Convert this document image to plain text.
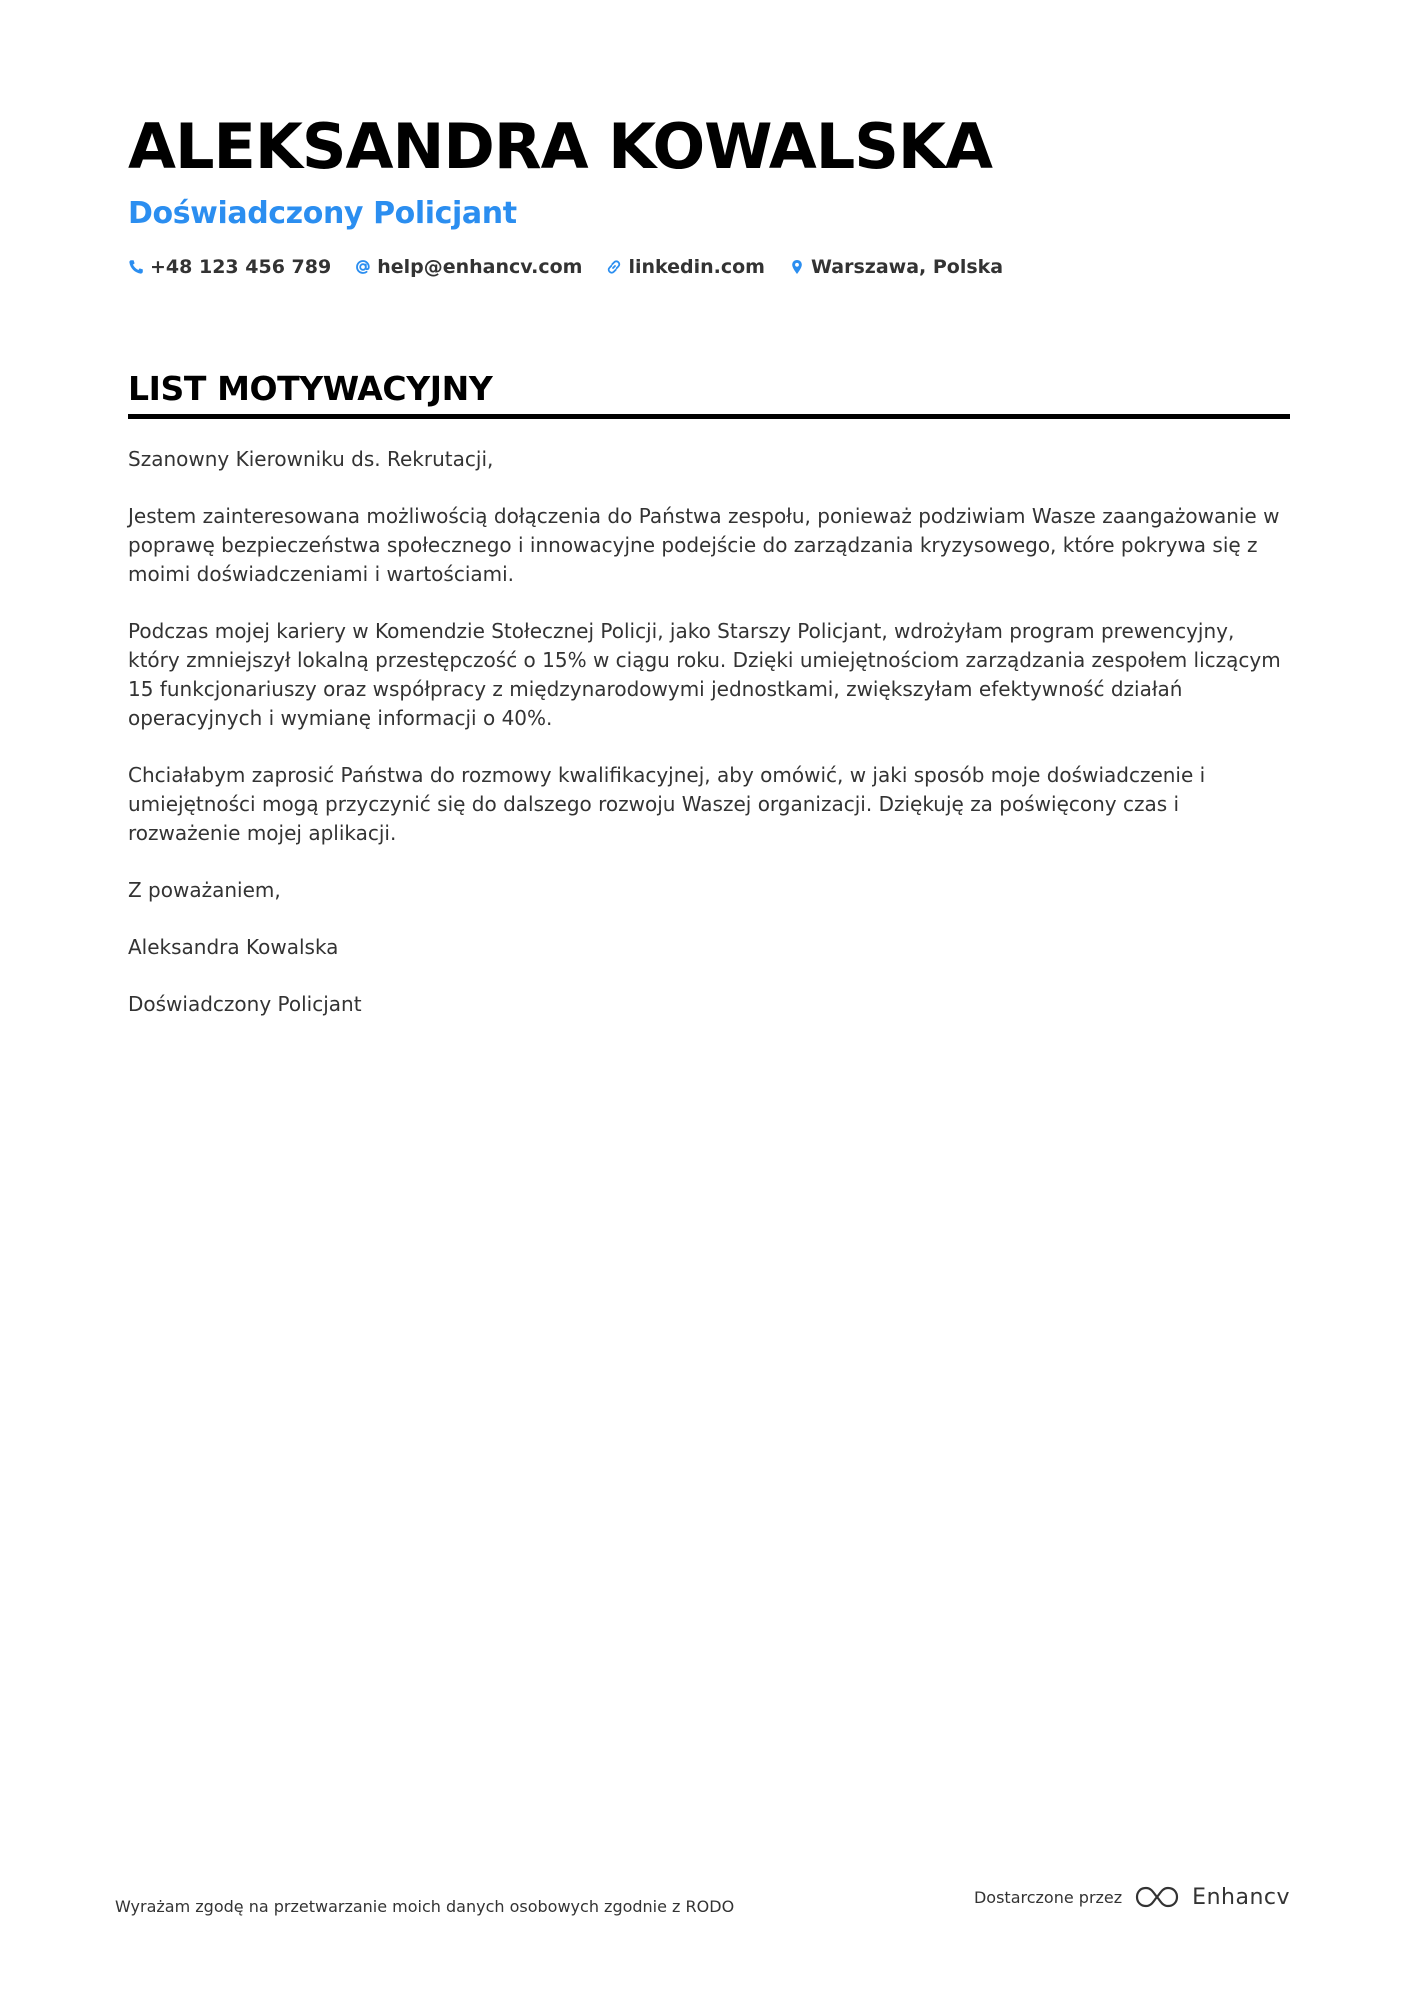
ALEKSANDRA KOWALSKA
Doświadczony Policjant
+48 123 456 789 help@enhancv.com linkedin.com Warszawa, Polska
LIST MOTYWACYJNY

Szanowny Kierowniku ds. Rekrutacji,

Jestem zainteresowana możliwością dołączenia do Państwa zespołu, ponieważ podziwiam Wasze zaangażowanie w poprawę bezpieczeństwa społecznego i innowacyjne podejście do zarządzania kryzysowego, które pokrywa się z moimi doświadczeniami i wartościami.

Podczas mojej kariery w Komendzie Stołecznej Policji, jako Starszy Policjant, wdrożyłam program prewencyjny, który zmniejszył lokalną przestępczość o 15% w ciągu roku. Dzięki umiejętnościom zarządzania zespołem liczącym 15 funkcjonariuszy oraz współpracy z międzynarodowymi jednostkami, zwiększyłam efektywność działań operacyjnych i wymianę informacji o 40%.

Chciałabym zaprosić Państwa do rozmowy kwalifikacyjnej, aby omówić, w jaki sposób moje doświadczenie i umiejętności mogą przyczynić się do dalszego rozwoju Waszej organizacji. Dziękuję za poświęcony czas i rozważenie mojej aplikacji.

Z poważaniem,

Aleksandra Kowalska

Doświadczony Policjant

Wyrażam zgodę na przetwarzanie moich danych osobowych zgodnie z RODO	Dostarczone przez	Enhancv
